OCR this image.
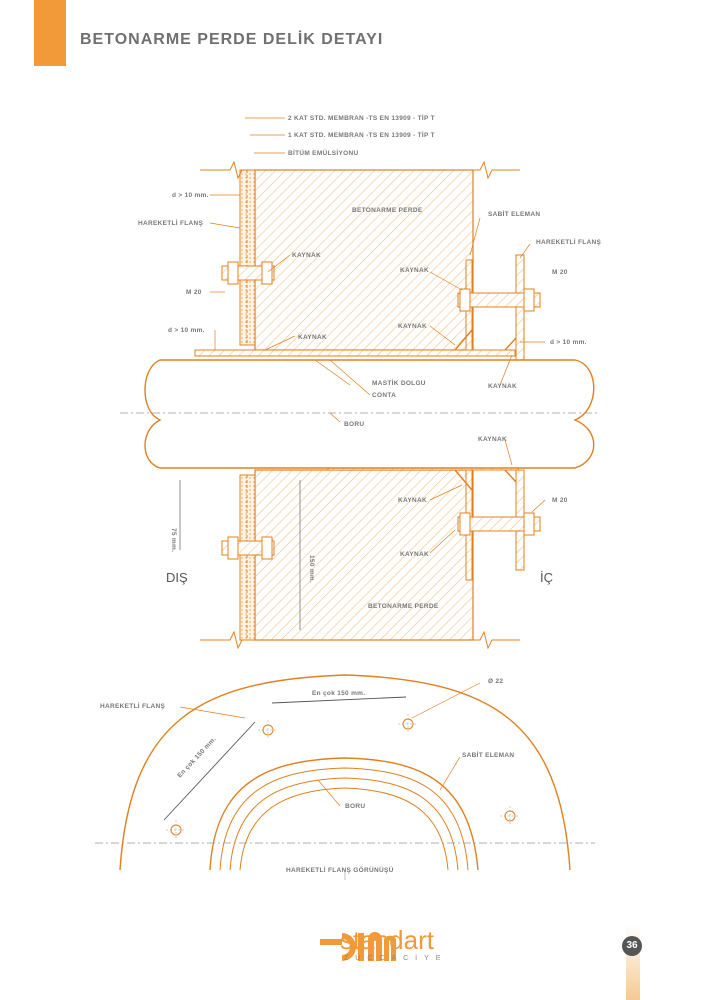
BETONARME PERDE DELİK DETAYI
2 KAT STD. MEMBRAN -TS EN 13909 - TİP T
1 KAT STD. MEMBRAN -TS EN 13909 - TİP T
BİTÜM EMÜLSİYONU
d > 10 mm.
HAREKETLİ FLANŞ
BETONARME PERDE
SABİT ELEMAN
HAREKETLİ FLANŞ
KAYNAK
KAYNAK	M 20
M 20
KAYNAK
d > 10 mm.
KAYNAK
d > 10 mm.
MASTİK DOLGU
CONTA
KAYNAK
BORU
KAYNAK
KAYNAK	M 20
75 mm.
150 mm.
KAYNAK
DIŞ	İÇ
BETONARME PERDE
HAREKETLİ FLANŞ
En çok 150 mm.
Ø 22
En çok 150 mm.	SABİT ELEMAN
BORU
HAREKETLİ FLANŞ GÖRÜNÜŞÜ
standart
ZÜCCACİYE
36
